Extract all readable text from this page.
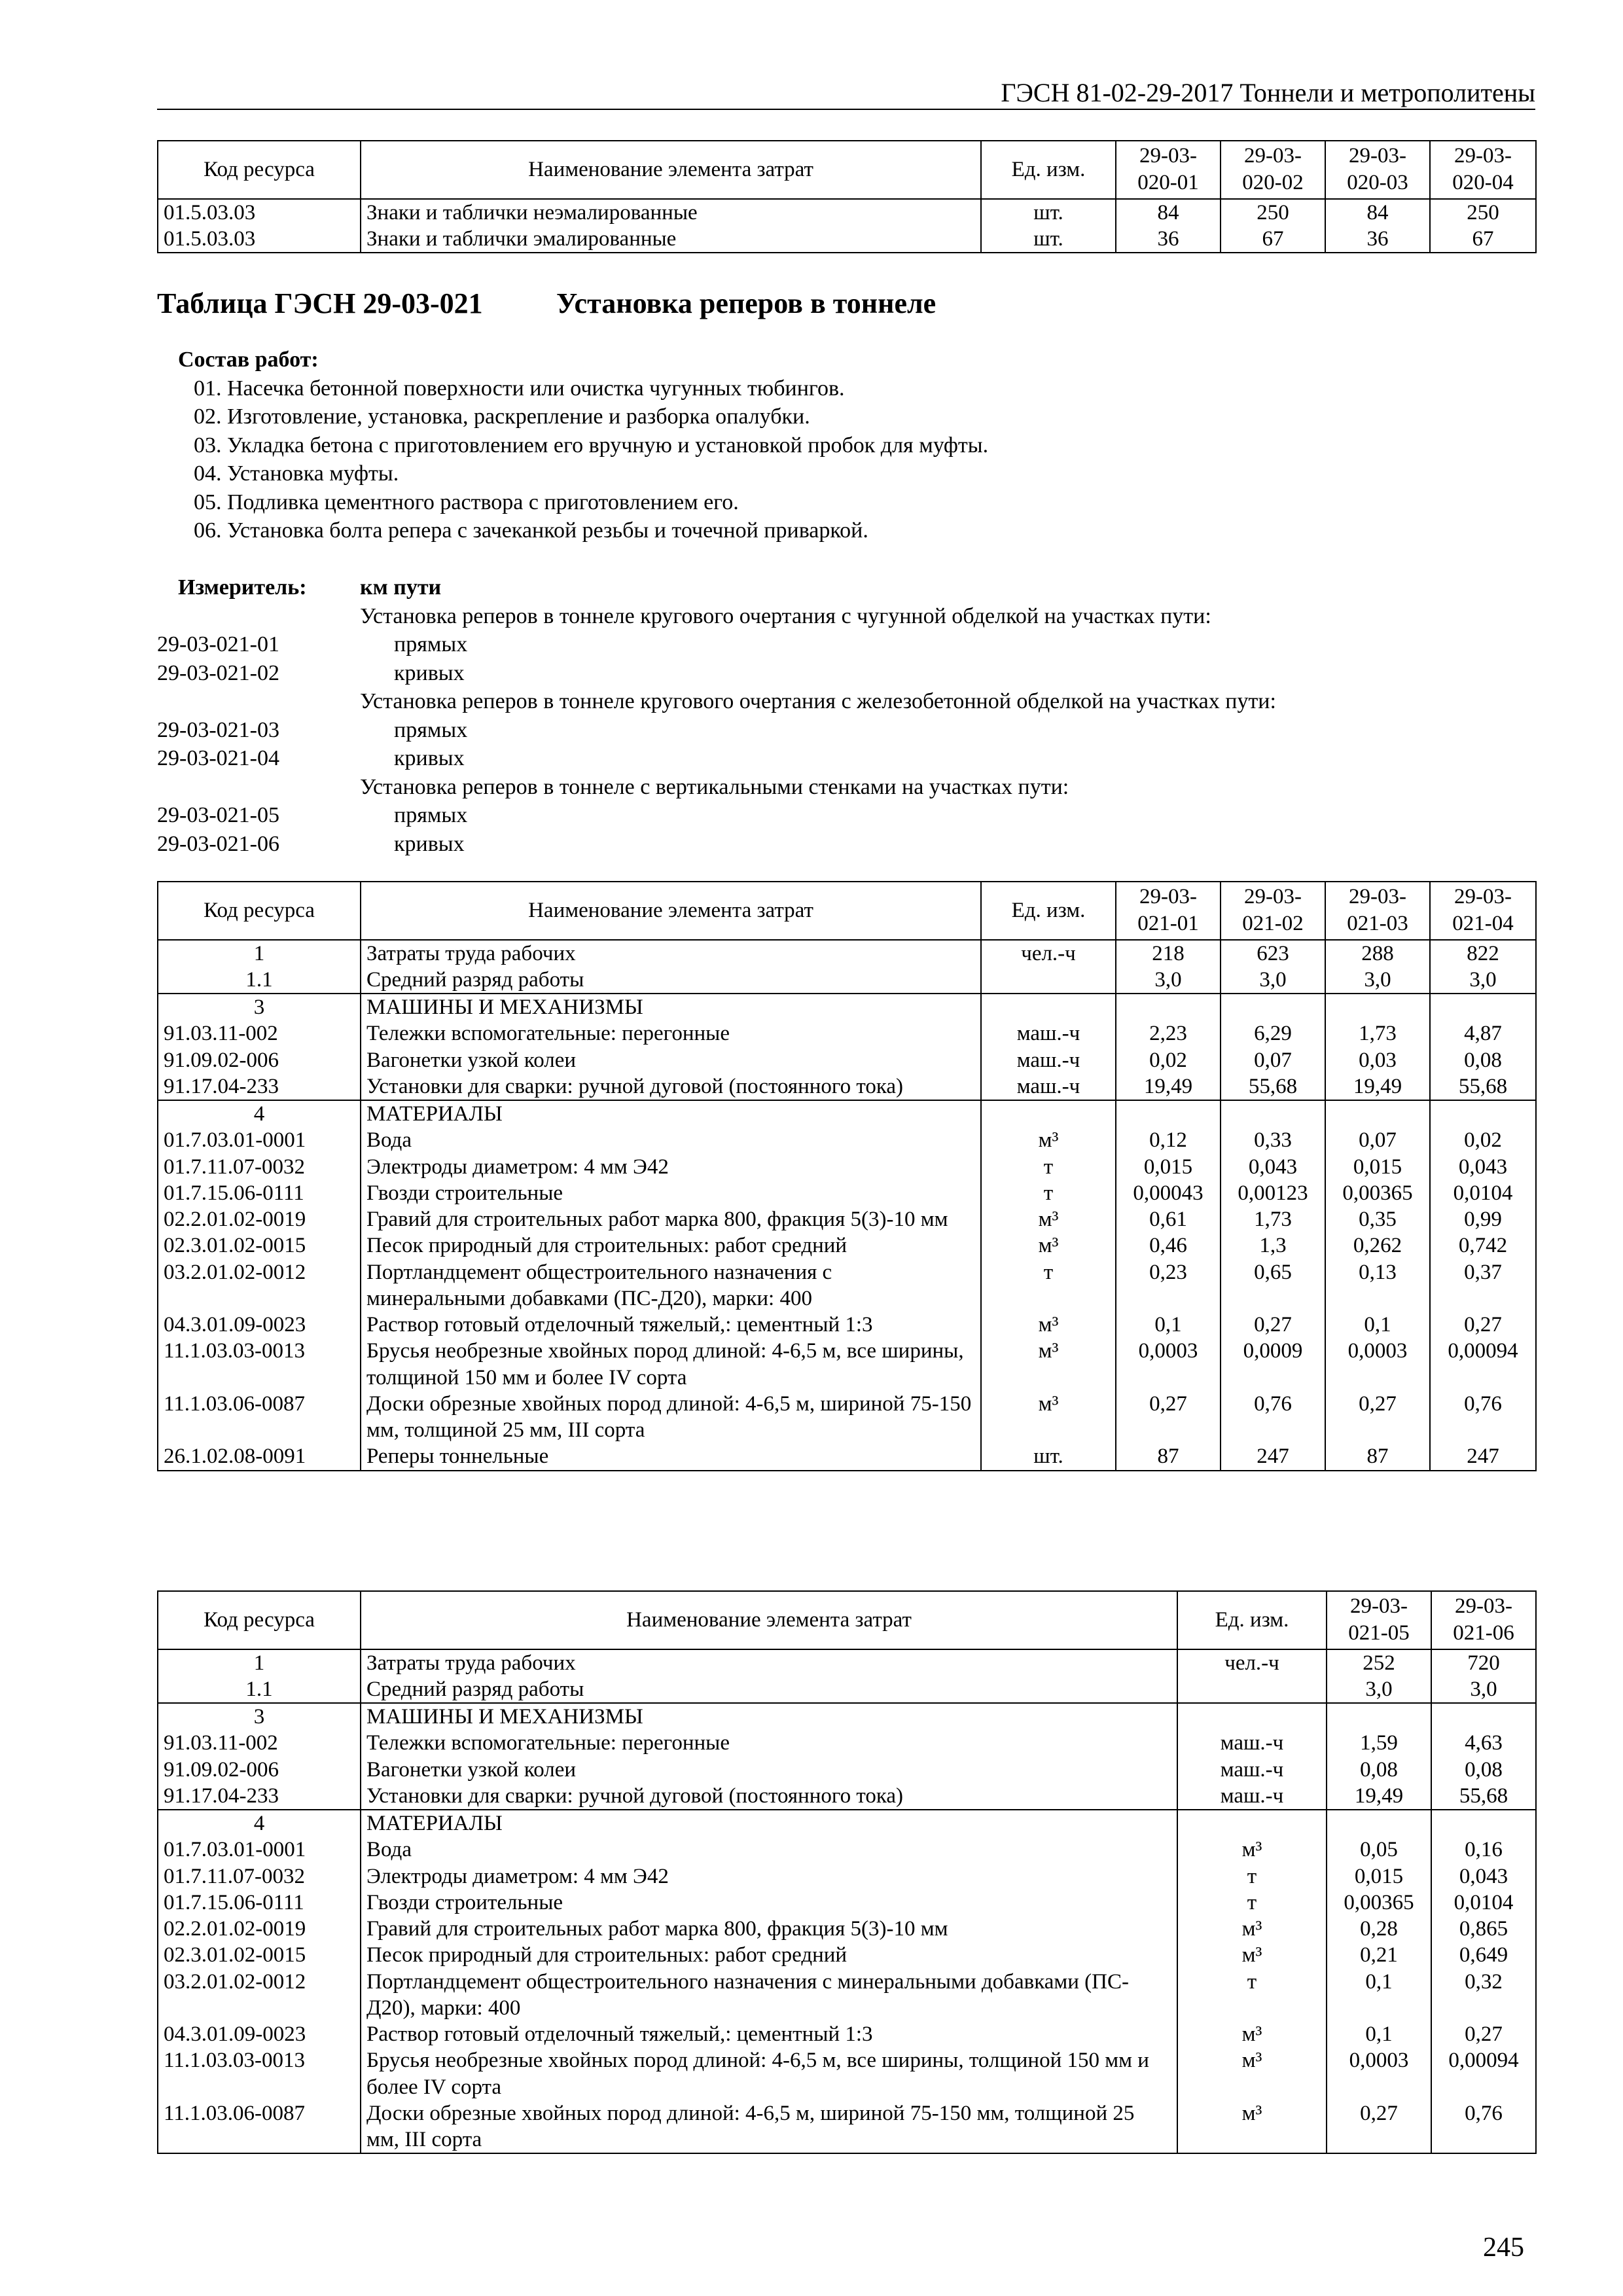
ГЭСН 81-02-29-2017 Тоннели и метрополитены
Код ресурса	Наименование элемента затрат	Ед. изм.	29-03-
020-01	29-03-
020-02	29-03-
020-03	29-03-
020-04
01.5.03.03	Знаки и таблички неэмалированные	шт.	84	250	84	250
01.5.03.03	Знаки и таблички эмалированные	шт.	36	67	36	67
Таблица ГЭСН 29-03-021	Установка реперов в тоннеле
Состав работ:
01. Насечка бетонной поверхности или очистка чугунных тюбингов.
02. Изготовление, установка, раскрепление и разборка опалубки.
03. Укладка бетона с приготовлением его вручную и установкой пробок для муфты.
04. Установка муфты.
05. Подливка цементного раствора с приготовлением его.
06. Установка болта репера с зачеканкой резьбы и точечной приваркой.
Измеритель: км пути
Установка реперов в тоннеле кругового очертания с чугунной обделкой на участках пути:
29-03-021-01	прямых
29-03-021-02	кривых
Установка реперов в тоннеле кругового очертания с железобетонной обделкой на участках пути:
29-03-021-03	прямых
29-03-021-04	кривых
Установка реперов в тоннеле с вертикальными стенками на участках пути:
29-03-021-05	прямых
29-03-021-06	кривых
Код ресурса	Наименование элемента затрат	Ед. изм.	29-03-
021-01	29-03-
021-02	29-03-
021-03	29-03-
021-04
1	Затраты труда рабочих	чел.-ч	218	623	288	822
1.1	Средний разряд работы		3,0	3,0	3,0	3,0
3	МАШИНЫ И МЕХАНИЗМЫ					
91.03.11-002	Тележки вспомогательные: перегонные	маш.-ч	2,23	6,29	1,73	4,87
91.09.02-006	Вагонетки узкой колеи	маш.-ч	0,02	0,07	0,03	0,08
91.17.04-233	Установки для сварки: ручной дуговой (постоянного тока)	маш.-ч	19,49	55,68	19,49	55,68
4	МАТЕРИАЛЫ					
01.7.03.01-0001	Вода	м³	0,12	0,33	0,07	0,02
01.7.11.07-0032	Электроды диаметром: 4 мм Э42	т	0,015	0,043	0,015	0,043
01.7.15.06-0111	Гвозди строительные	т	0,00043	0,00123	0,00365	0,0104
02.2.01.02-0019	Гравий для строительных работ марка 800, фракция 5(3)-10 мм	м³	0,61	1,73	0,35	0,99
02.3.01.02-0015	Песок природный для строительных: работ средний	м³	0,46	1,3	0,262	0,742
03.2.01.02-0012	Портландцемент общестроительного назначения с минеральными добавками (ПС-Д20), марки: 400	т	0,23	0,65	0,13	0,37
04.3.01.09-0023	Раствор готовый отделочный тяжелый,: цементный 1:3	м³	0,1	0,27	0,1	0,27
11.1.03.03-0013	Брусья необрезные хвойных пород длиной: 4-6,5 м, все ширины, толщиной 150 мм и более IV сорта	м³	0,0003	0,0009	0,0003	0,00094
11.1.03.06-0087	Доски обрезные хвойных пород длиной: 4-6,5 м, шириной 75-150 мм, толщиной 25 мм, III сорта	м³	0,27	0,76	0,27	0,76
26.1.02.08-0091	Реперы тоннельные	шт.	87	247	87	247
Код ресурса	Наименование элемента затрат	Ед. изм.	29-03-
021-05	29-03-
021-06
1	Затраты труда рабочих	чел.-ч	252	720
1.1	Средний разряд работы		3,0	3,0
3	МАШИНЫ И МЕХАНИЗМЫ			
91.03.11-002	Тележки вспомогательные: перегонные	маш.-ч	1,59	4,63
91.09.02-006	Вагонетки узкой колеи	маш.-ч	0,08	0,08
91.17.04-233	Установки для сварки: ручной дуговой (постоянного тока)	маш.-ч	19,49	55,68
4	МАТЕРИАЛЫ			
01.7.03.01-0001	Вода	м³	0,05	0,16
01.7.11.07-0032	Электроды диаметром: 4 мм Э42	т	0,015	0,043
01.7.15.06-0111	Гвозди строительные	т	0,00365	0,0104
02.2.01.02-0019	Гравий для строительных работ марка 800, фракция 5(3)-10 мм	м³	0,28	0,865
02.3.01.02-0015	Песок природный для строительных: работ средний	м³	0,21	0,649
03.2.01.02-0012	Портландцемент общестроительного назначения с минеральными добавками (ПС-Д20), марки: 400	т	0,1	0,32
04.3.01.09-0023	Раствор готовый отделочный тяжелый,: цементный 1:3	м³	0,1	0,27
11.1.03.03-0013	Брусья необрезные хвойных пород длиной: 4-6,5 м, все ширины, толщиной 150 мм и более IV сорта	м³	0,0003	0,00094
11.1.03.06-0087	Доски обрезные хвойных пород длиной: 4-6,5 м, шириной 75-150 мм, толщиной 25 мм, III сорта	м³	0,27	0,76
245
